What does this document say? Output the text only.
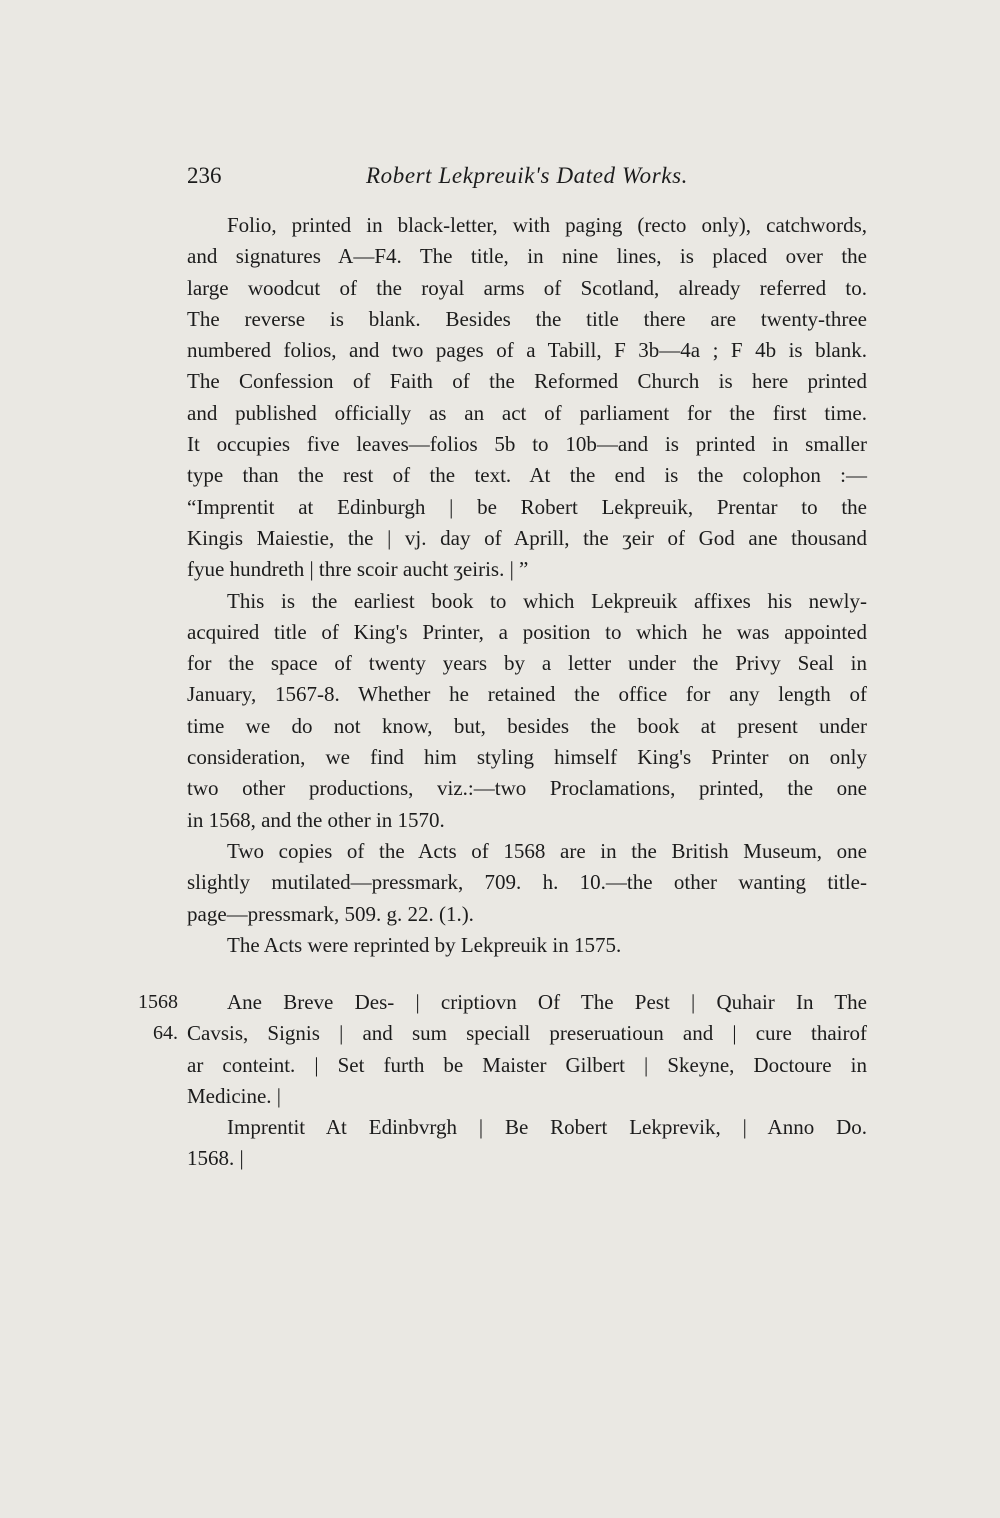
236	Robert Lekpreuik's Dated Works.
Folio, printed in black-letter, with paging (recto only), catchwords,
and signatures A—F4. The title, in nine lines, is placed over the
large woodcut of the royal arms of Scotland, already referred to.
The reverse is blank. Besides the title there are twenty-three
numbered folios, and two pages of a Tabill, F 3b—4a ; F 4b is blank.
The Confession of Faith of the Reformed Church is here printed
and published officially as an act of parliament for the first time.
It occupies five leaves—folios 5b to 10b—and is printed in smaller
type than the rest of the text. At the end is the colophon :—
“Imprentit at Edinburgh | be Robert Lekpreuik, Prentar to the
Kingis Maiestie, the | vj. day of Aprill, the ʒeir of God ane thousand
fyue hundreth | thre scoir aucht ʒeiris. | ”
This is the earliest book to which Lekpreuik affixes his newly-
acquired title of King's Printer, a position to which he was appointed
for the space of twenty years by a letter under the Privy Seal in
January, 1567-8. Whether he retained the office for any length of
time we do not know, but, besides the book at present under
consideration, we find him styling himself King's Printer on only
two other productions, viz.:—two Proclamations, printed, the one
in 1568, and the other in 1570.
Two copies of the Acts of 1568 are in the British Museum, one
slightly mutilated—pressmark, 709. h. 10.—the other wanting title-
page—pressmark, 509. g. 22. (1.).
The Acts were reprinted by Lekpreuik in 1575.
1568
64.
Ane Breve Des- | criptiovn Of The Pest | Quhair In The
Cavsis, Signis | and sum speciall preseruatioun and | cure thairof
ar conteint. | Set furth be Maister Gilbert | Skeyne, Doctoure in
Medicine. |
Imprentit At Edinbvrgh | Be Robert Lekprevik, | Anno Do.
1568. |
